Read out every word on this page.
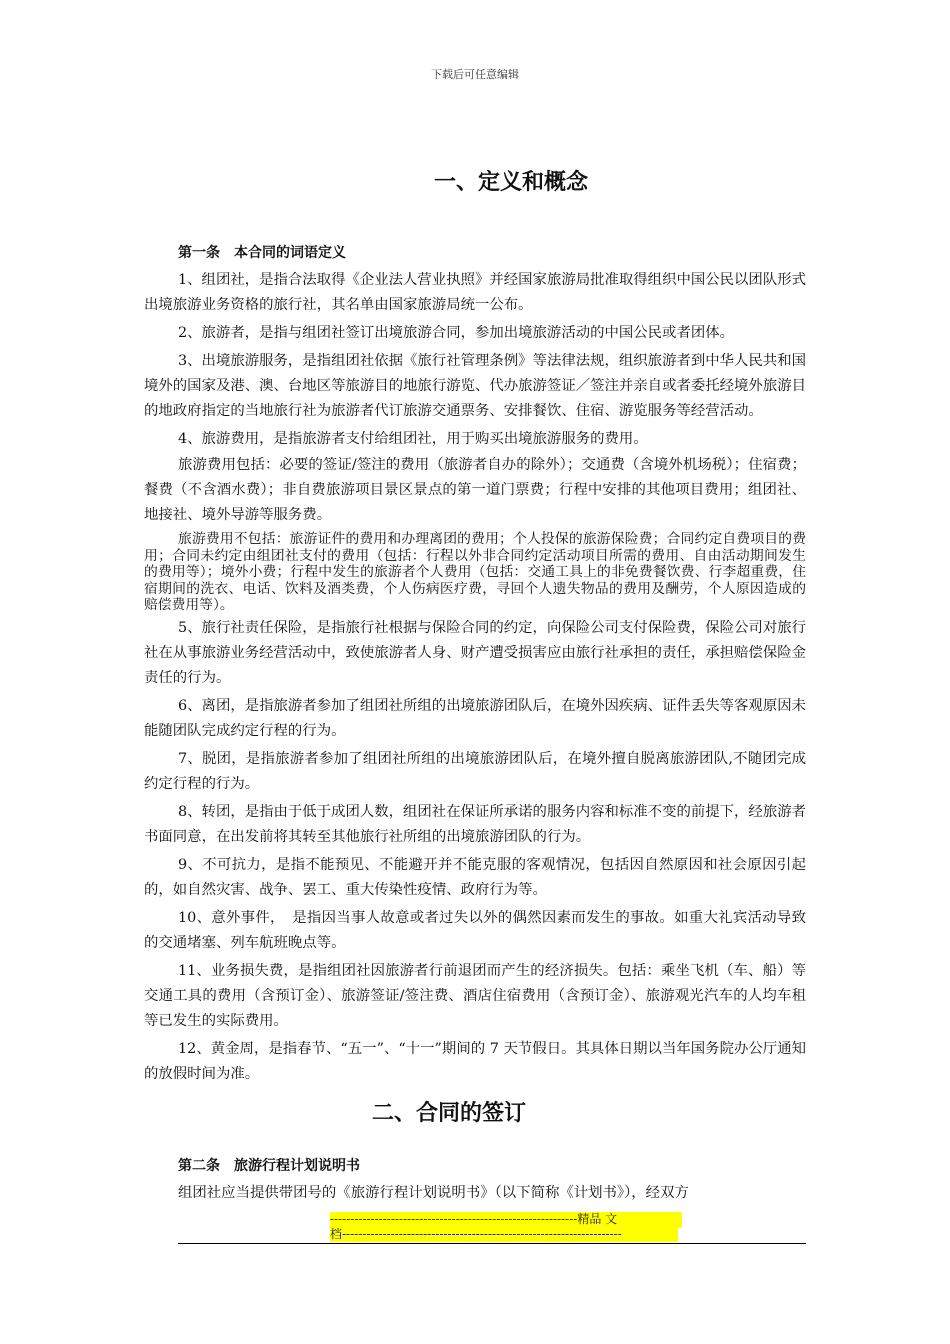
下载后可任意编辑
一、定义和概念
第一条　本合同的词语定义

1、组团社，是指合法取得《企业法人营业执照》并经国家旅游局批准取得组织中国公民以团队形式出境旅游业务资格的旅行社，其名单由国家旅游局统一公布。

2、旅游者，是指与组团社签订出境旅游合同，参加出境旅游活动的中国公民或者团体。

3、出境旅游服务，是指组团社依据《旅行社管理条例》等法律法规，组织旅游者到中华人民共和国境外的国家及港、澳、台地区等旅游目的地旅行游览、代办旅游签证／签注并亲自或者委托经境外旅游目的地政府指定的当地旅行社为旅游者代订旅游交通票务、安排餐饮、住宿、游览服务等经营活动。

4、旅游费用，是指旅游者支付给组团社，用于购买出境旅游服务的费用。

旅游费用包括：必要的签证/签注的费用（旅游者自办的除外）；交通费（含境外机场税）；住宿费；餐费（不含酒水费）；非自费旅游项目景区景点的第一道门票费；行程中安排的其他项目费用；组团社、地接社、境外导游等服务费。

旅游费用不包括：旅游证件的费用和办理离团的费用；个人投保的旅游保险费；合同约定自费项目的费用；合同未约定由组团社支付的费用（包括：行程以外非合同约定活动项目所需的费用、自由活动期间发生的费用等）；境外小费；行程中发生的旅游者个人费用（包括：交通工具上的非免费餐饮费、行李超重费，住宿期间的洗衣、电话、饮料及酒类费，个人伤病医疗费，寻回个人遗失物品的费用及酬劳，个人原因造成的赔偿费用等）。

5、旅行社责任保险，是指旅行社根据与保险合同的约定，向保险公司支付保险费，保险公司对旅行社在从事旅游业务经营活动中，致使旅游者人身、财产遭受损害应由旅行社承担的责任，承担赔偿保险金责任的行为。

6、离团，是指旅游者参加了组团社所组的出境旅游团队后，在境外因疾病、证件丢失等客观原因未能随团队完成约定行程的行为。

7、脱团，是指旅游者参加了组团社所组的出境旅游团队后，在境外擅自脱离旅游团队,不随团完成约定行程的行为。

8、转团，是指由于低于成团人数，组团社在保证所承诺的服务内容和标准不变的前提下，经旅游者书面同意，在出发前将其转至其他旅行社所组的出境旅游团队的行为。

9、不可抗力，是指不能预见、不能避开并不能克服的客观情况，包括因自然原因和社会原因引起的，如自然灾害、战争、罢工、重大传染性疫情、政府行为等。

10、意外事件，　是指因当事人故意或者过失以外的偶然因素而发生的事故。如重大礼宾活动导致的交通堵塞、列车航班晚点等。

11、业务损失费，是指组团社因旅游者行前退团而产生的经济损失。包括：乘坐飞机（车、船）等交通工具的费用（含预订金）、旅游签证/签注费、酒店住宿费用（含预订金）、旅游观光汽车的人均车租等已发生的实际费用。

12、黄金周，是指春节、“五一”、“十一”期间的 7 天节假日。其具体日期以当年国务院办公厅通知的放假时间为准。

二、合同的签订
第二条　旅游行程计划说明书

组团社应当提供带团号的《旅游行程计划说明书》（以下简称《计划书》），经双方

-------------------------------------------------------------精品 文
档---------------------------------------------------------------------
